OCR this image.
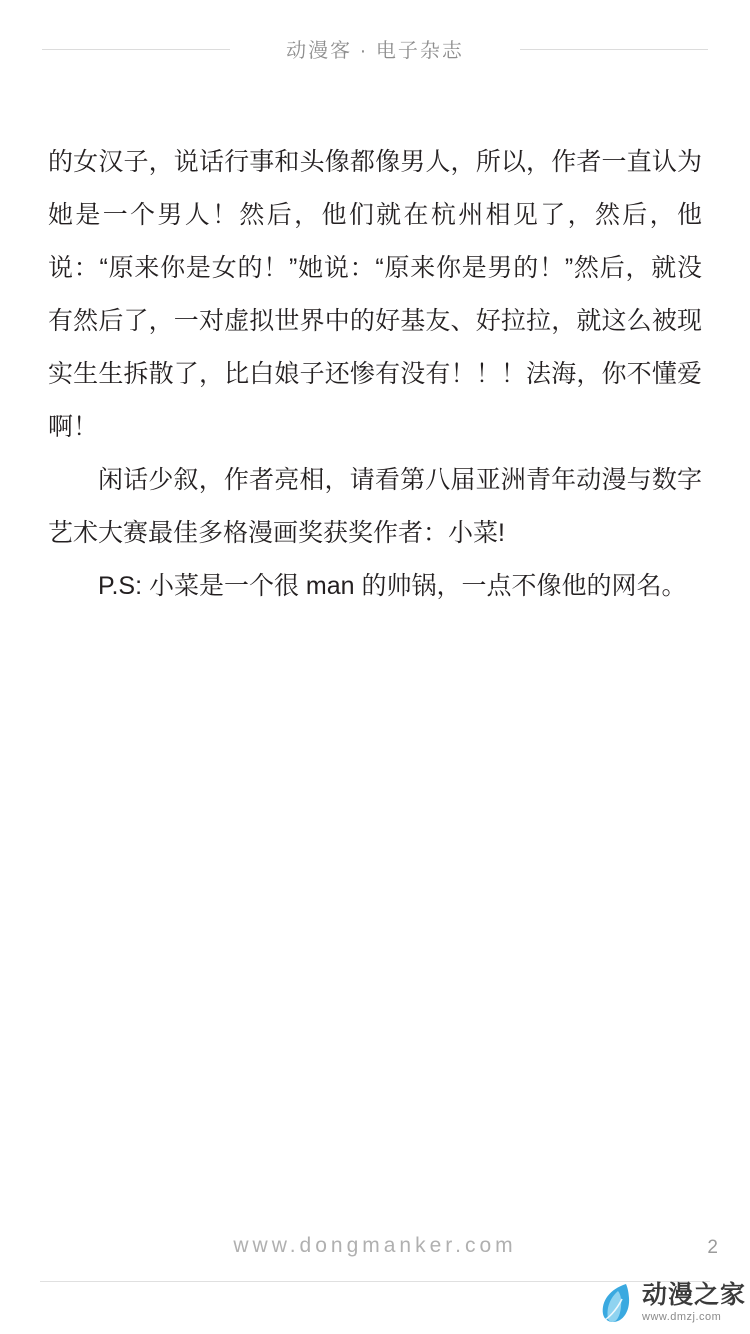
动漫客 · 电子杂志

的女汉子，说话行事和头像都像男人，所以，作者一直认为她是一个男人！然后，他们就在杭州相见了，然后，他说：“原来你是女的！”她说：“原来你是男的！”然后，就没有然后了，一对虚拟世界中的好基友、好拉拉，就这么被现实生生拆散了，比白娘子还惨有没有！！！法海，你不懂爱啊！

闲话少叙，作者亮相，请看第八届亚洲青年动漫与数字艺术大赛最佳多格漫画奖获奖作者：小菜!

P.S: 小菜是一个很 man 的帅锅，一点不像他的网名。

www.dongmanker.com	2
动漫之家
www.dmzj.com
